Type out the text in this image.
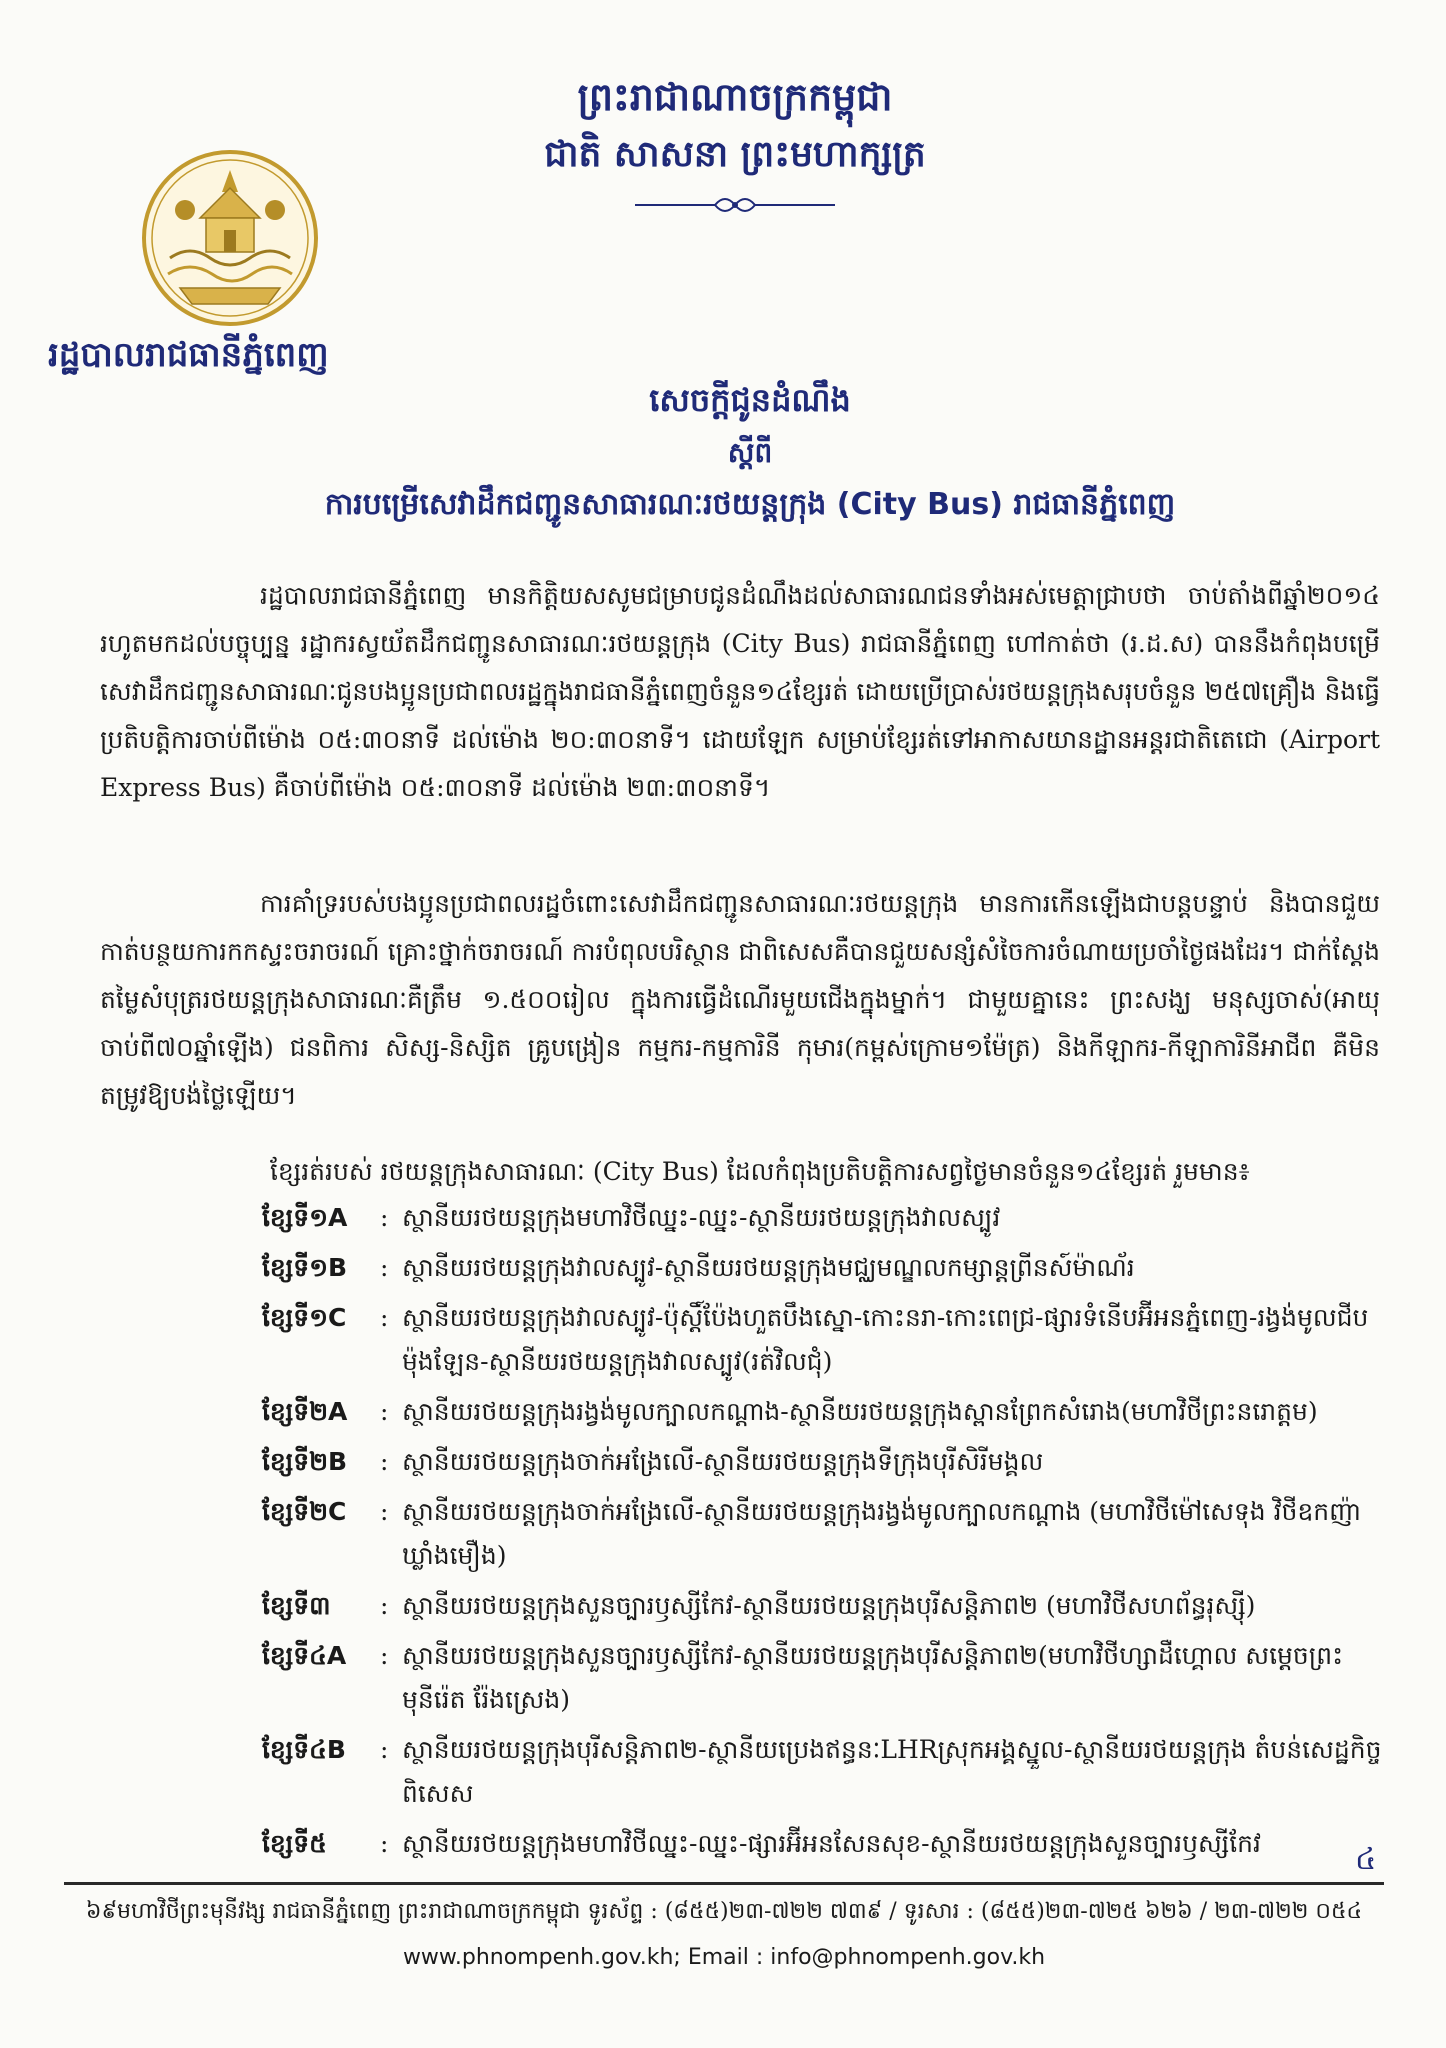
ព្រះរាជាណាចក្រកម្ពុជា
ជាតិ សាសនា ព្រះមហាក្សត្រ
រដ្ឋបាលរាជធានីភ្នំពេញ
សេចក្តីជូនដំណឹង
ស្តីពី
ការបម្រើសេវាដឹកជញ្ជូនសាធារណៈរថយន្តក្រុង (City Bus) រាជធានីភ្នំពេញ
រដ្ឋបាលរាជធានីភ្នំពេញ មានកិត្តិយសសូមជម្រាបជូនដំណឹងដល់សាធារណជនទាំងអស់មេត្តាជ្រាបថា ចាប់តាំងពីឆ្នាំ២០១៤ រហូតមកដល់បច្ចុប្បន្ន រដ្ឋាករស្វយ័តដឹកជញ្ជូនសាធារណៈរថយន្តក្រុង (City Bus) រាជធានីភ្នំពេញ ហៅកាត់ថា (រ.ដ.ស) បាននឹងកំពុងបម្រើសេវាដឹកជញ្ជូនសាធារណៈជូនបងប្អូនប្រជាពលរដ្ឋក្នុងរាជធានីភ្នំពេញចំនួន១៤ខ្សែរត់ ដោយប្រើប្រាស់រថយន្តក្រុងសរុបចំនួន ២៥៧គ្រឿង និងធ្វើប្រតិបត្តិការចាប់ពីម៉ោង ០៥:៣០នាទី ដល់ម៉ោង ២០:៣០នាទី។ ដោយឡែក សម្រាប់ខ្សែរត់ទៅអាកាសយានដ្ឋានអន្តរជាតិតេជោ (Airport Express Bus) គឺចាប់ពីម៉ោង ០៥:៣០នាទី ដល់ម៉ោង ២៣:៣០នាទី។
ការគាំទ្ររបស់បងប្អូនប្រជាពលរដ្ឋចំពោះសេវាដឹកជញ្ជូនសាធារណៈរថយន្តក្រុង មានការកើនឡើងជាបន្តបន្ទាប់ និងបានជួយកាត់បន្ថយការកកស្ទះចរាចរណ៍ គ្រោះថ្នាក់ចរាចរណ៍ ការបំពុលបរិស្ថាន ជាពិសេសគឺបានជួយសន្សំសំចៃការចំណាយប្រចាំថ្ងៃផងដែរ។ ជាក់ស្តែងតម្លៃសំបុត្ររថយន្តក្រុងសាធារណៈគឺត្រឹម ១.៥០០រៀល ក្នុងការធ្វើដំណើរមួយជើងក្នុងម្នាក់។ ជាមួយគ្នានេះ ព្រះសង្ឃ មនុស្សចាស់(អាយុចាប់ពី៧០ឆ្នាំឡើង) ជនពិការ សិស្ស-និស្សិត គ្រូបង្រៀន កម្មករ-កម្មការិនី កុមារ(កម្ពស់ក្រោម១ម៉ែត្រ) និងកីឡាករ-កីឡាការិនីអាជីព គឺមិនតម្រូវឱ្យបង់ថ្លៃឡើយ។
ខ្សែរត់របស់ រថយន្តក្រុងសាធារណៈ (City Bus) ដែលកំពុងប្រតិបត្តិការសព្វថ្ងៃមានចំនួន១៤ខ្សែរត់ រួមមាន៖
ខ្សែទី១A	: ស្ថានីយរថយន្តក្រុងមហាវិថីឈ្នះ-ឈ្នះ-ស្ថានីយរថយន្តក្រុងវាលស្បូវ
ខ្សែទី១B	: ស្ថានីយរថយន្តក្រុងវាលស្បូវ-ស្ថានីយរថយន្តក្រុងមជ្ឈមណ្ឌលកម្សាន្តព្រីនស៍ម៉ាណ័រ
ខ្សែទី១C	: ស្ថានីយរថយន្តក្រុងវាលស្បូវ-ប៉ុស្តិ៍ប៉ែងហួតបឹងស្នោ-កោះនរា-កោះពេជ្រ-ផ្សារទំនើបអ៊ីអនភ្នំពេញ-រង្វង់មូលជីបម៉ុងឡែន-ស្ថានីយរថយន្តក្រុងវាលស្បូវ(រត់វិលជុំ)
ខ្សែទី២A	: ស្ថានីយរថយន្តក្រុងរង្វង់មូលក្បាលកណ្តាង-ស្ថានីយរថយន្តក្រុងស្ពានព្រែកសំរោង(មហាវិថីព្រះនរោត្តម)
ខ្សែទី២B	: ស្ថានីយរថយន្តក្រុងចាក់អង្រែលើ-ស្ថានីយរថយន្តក្រុងទីក្រុងបុរីសិរីមង្គល
ខ្សែទី២C	: ស្ថានីយរថយន្តក្រុងចាក់អង្រែលើ-ស្ថានីយរថយន្តក្រុងរង្វង់មូលក្បាលកណ្តាង (មហាវិថីម៉ៅសេទុង វិថីឧកញ៉ាឃ្លាំងមឿង)
ខ្សែទី៣	: ស្ថានីយរថយន្តក្រុងសួនច្បារឫស្សីកែវ-ស្ថានីយរថយន្តក្រុងបុរីសន្តិភាព២ (មហាវិថីសហព័ន្ធរុស្ស៊ី)
ខ្សែទី៤A	: ស្ថានីយរថយន្តក្រុងសួនច្បារឫស្សីកែវ-ស្ថានីយរថយន្តក្រុងបុរីសន្តិភាព២(មហាវិថីហ្សាដឺហ្គោល សម្តេចព្រះមុនីរ៉េត រ៉ែងស្រេង)
ខ្សែទី៤B	: ស្ថានីយរថយន្តក្រុងបុរីសន្តិភាព២-ស្ថានីយប្រេងឥន្ធនៈLHRស្រុកអង្គស្នួល-ស្ថានីយរថយន្តក្រុង តំបន់សេដ្ឋកិច្ចពិសេស
ខ្សែទី៥	: ស្ថានីយរថយន្តក្រុងមហាវិថីឈ្នះ-ឈ្នះ-ផ្សារអ៊ីអនសែនសុខ-ស្ថានីយរថយន្តក្រុងសួនច្បារឫស្សីកែវ	៤
៦៩មហាវិថីព្រះមុនីវង្ស រាជធានីភ្នំពេញ ព្រះរាជាណាចក្រកម្ពុជា ទូរស័ព្ទ : (៨៥៥)២៣-៧២២ ៧៣៩ / ទូរសារ : (៨៥៥)២៣-៧២៥ ៦២៦ / ២៣-៧២២ ០៥៤
www.phnompenh.gov.kh; Email : info@phnompenh.gov.kh
